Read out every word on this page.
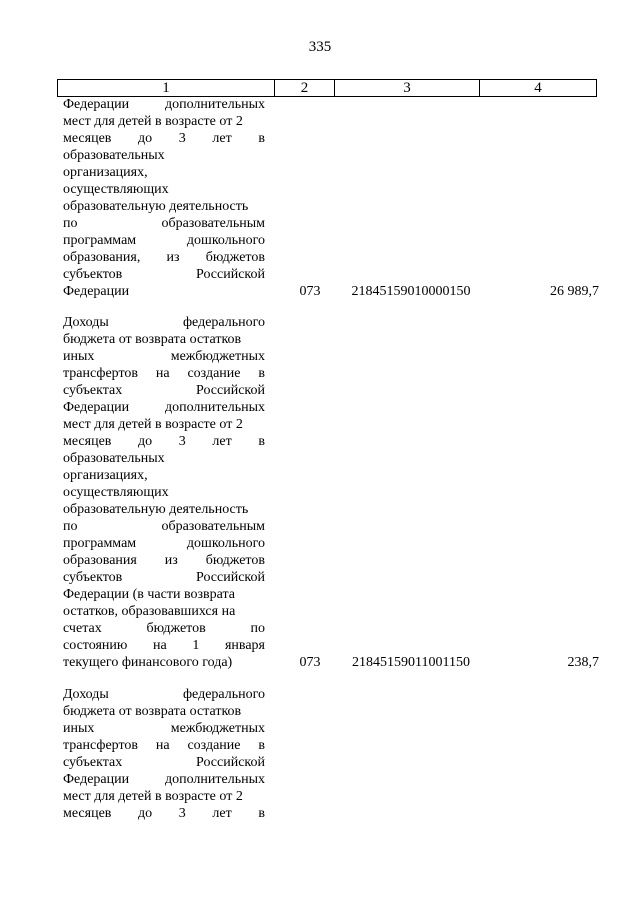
335
1	2	3	4
Федерации	дополнительных
мест для детей в возрасте от 2
месяцев до 3 лет в
образовательных
организациях,
осуществляющих
образовательную деятельность
по	образовательным
программам	дошкольного
образования, из бюджетов
субъектов	Российской
Федерации	073	21845159010000150	26 989,7
Доходы	федерального
бюджета от возврата остатков
иных	межбюджетных
трансфертов на создание в
субъектах	Российской
Федерации	дополнительных
мест для детей в возрасте от 2
месяцев до 3 лет в
образовательных
организациях,
осуществляющих
образовательную деятельность
по	образовательным
программам	дошкольного
образования из бюджетов
субъектов	Российской
Федерации (в части возврата
остатков, образовавшихся на
счетах	бюджетов	по
состоянию на 1 января
текущего финансового года)	073	21845159011001150	238,7
Доходы	федерального
бюджета от возврата остатков
иных	межбюджетных
трансфертов на создание в
субъектах	Российской
Федерации	дополнительных
мест для детей в возрасте от 2
месяцев до 3 лет в
